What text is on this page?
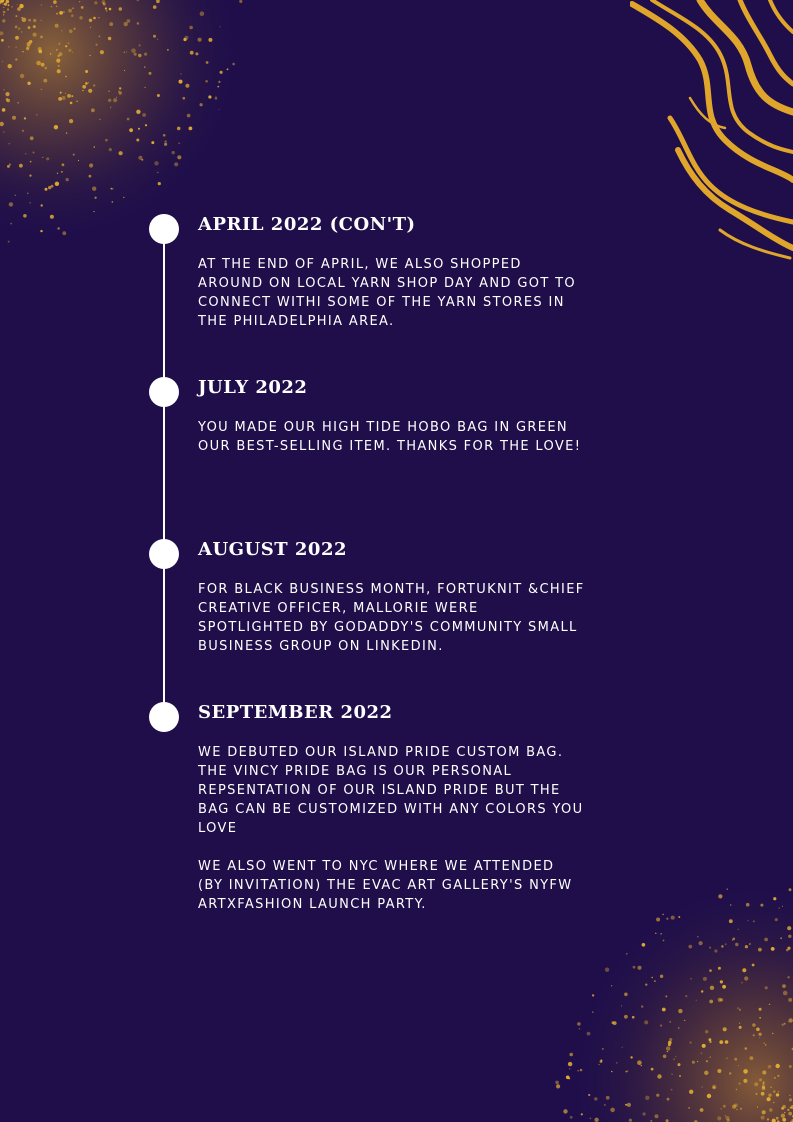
APRIL 2022 (CON'T)
AT THE END OF APRIL, WE ALSO SHOPPED
AROUND ON LOCAL YARN SHOP DAY AND GOT TO
CONNECT WITHI SOME OF THE YARN STORES IN
THE PHILADELPHIA AREA.
JULY 2022
YOU MADE OUR HIGH TIDE HOBO BAG IN GREEN
OUR BEST-SELLING ITEM. THANKS FOR THE LOVE!
AUGUST 2022
FOR BLACK BUSINESS MONTH, FORTUKNIT &CHIEF
CREATIVE OFFICER, MALLORIE WERE
SPOTLIGHTED BY GODADDY'S COMMUNITY SMALL
BUSINESS GROUP ON LINKEDIN.
SEPTEMBER 2022
WE DEBUTED OUR ISLAND PRIDE CUSTOM BAG.
THE VINCY PRIDE BAG IS OUR PERSONAL
REPSENTATION OF OUR ISLAND PRIDE BUT THE
BAG CAN BE CUSTOMIZED WITH ANY COLORS YOU
LOVE

WE ALSO WENT TO NYC WHERE WE ATTENDED
(BY INVITATION) THE EVAC ART GALLERY'S NYFW
ARTXFASHION LAUNCH PARTY.
